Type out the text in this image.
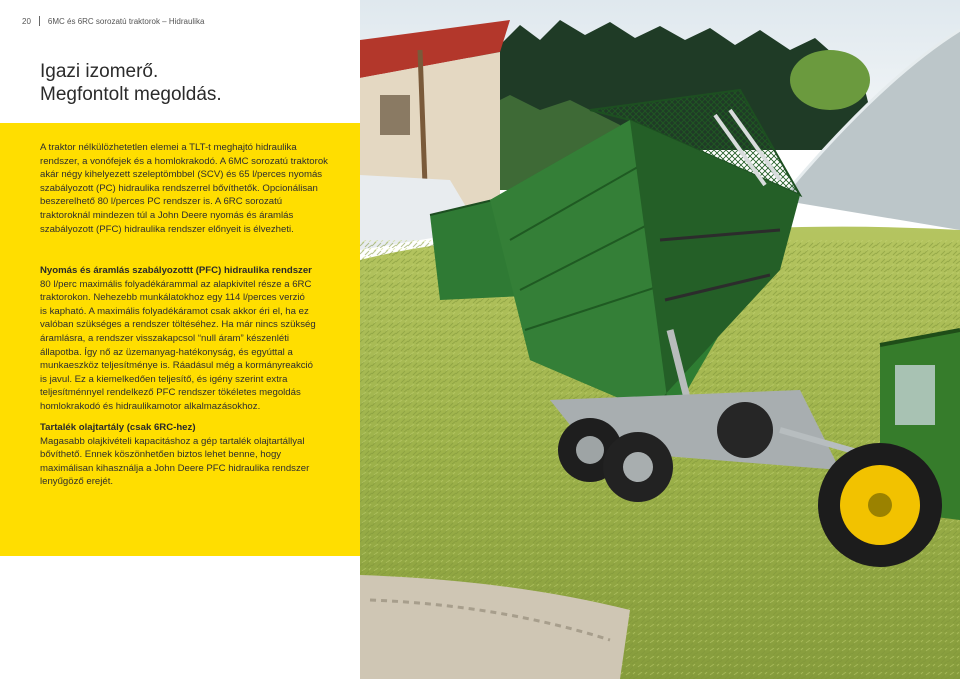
20 6MC és 6RC sorozatú traktorok – Hidraulika
Igazi izomerő.
Megfontolt megoldás.
A traktor nélkülözhetetlen elemei a TLT-t meghajtó hidraulika
rendszer, a vonófejek és a homlokrakodó. A 6MC sorozatú traktorok
akár négy kihelyezett szeleptömbbel (SCV) és 65 l/perces nyomás
szabályozott (PC) hidraulika rendszerrel bővíthetők. Opcionálisan
beszerelhető 80 l/perces PC rendszer is. A 6RC sorozatú
traktoroknál mindezen túl a John Deere nyomás és áramlás
szabályozott (PFC) hidraulika rendszer előnyeit is élvezheti.
Nyomás és áramlás szabályozottt (PFC) hidraulika rendszer
80 l/perc maximális folyadékárammal az alapkivitel része a 6RC
traktorokon. Nehezebb munkálatokhoz egy 114 l/perces verzió
is kapható. A maximális folyadékáramot csak akkor éri el, ha ez
valóban szükséges a rendszer töltéséhez. Ha már nincs szükség
áramlásra, a rendszer visszakapcsol “null áram” készenléti
állapotba. Így nő az üzemanyag-hatékonyság, és egyúttal a
munkaeszköz teljesítménye is. Ráadásul még a kormányreakció
is javul. Ez a kiemelkedően teljesítő, és igény szerint extra
teljesítménnyel rendelkező PFC rendszer tökéletes megoldás
homlokrakodó és hidraulikamotor alkalmazásokhoz.
Tartalék olajtartály (csak 6RC-hez)
Magasabb olajkivételi kapacitáshoz a gép tartalék olajtartállyal
bővíthető. Ennek köszönhetően biztos lehet benne, hogy
maximálisan kihasználja a John Deere PFC hidraulika rendszer
lenyűgöző erejét.
